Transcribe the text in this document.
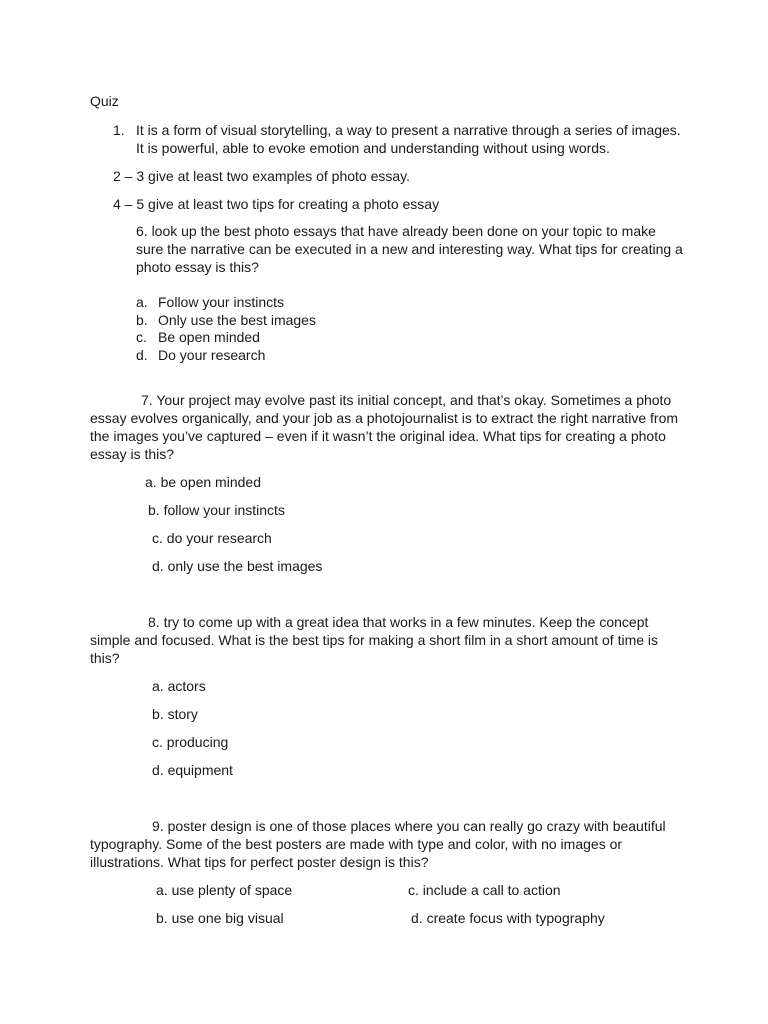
Quiz
1. It is a form of visual storytelling, a way to present a narrative through a series of images.
It is powerful, able to evoke emotion and understanding without using words.
2 – 3 give at least two examples of photo essay.
4 – 5 give at least two tips for creating a photo essay
6. look up the best photo essays that have already been done on your topic to make
sure the narrative can be executed in a new and interesting way. What tips for creating a
photo essay is this?
a. Follow your instincts
b. Only use the best images
c. Be open minded
d. Do your research
7. Your project may evolve past its initial concept, and that’s okay. Sometimes a photo
essay evolves organically, and your job as a photojournalist is to extract the right narrative from
the images you’ve captured – even if it wasn’t the original idea. What tips for creating a photo
essay is this?
a. be open minded
b. follow your instincts
c. do your research
d. only use the best images
8. try to come up with a great idea that works in a few minutes. Keep the concept
simple and focused. What is the best tips for making a short film in a short amount of time is
this?
a. actors
b. story
c. producing
d. equipment
9. poster design is one of those places where you can really go crazy with beautiful
typography. Some of the best posters are made with type and color, with no images or
illustrations. What tips for perfect poster design is this?
a. use plenty of space	c. include a call to action
b. use one big visual	d. create focus with typography
